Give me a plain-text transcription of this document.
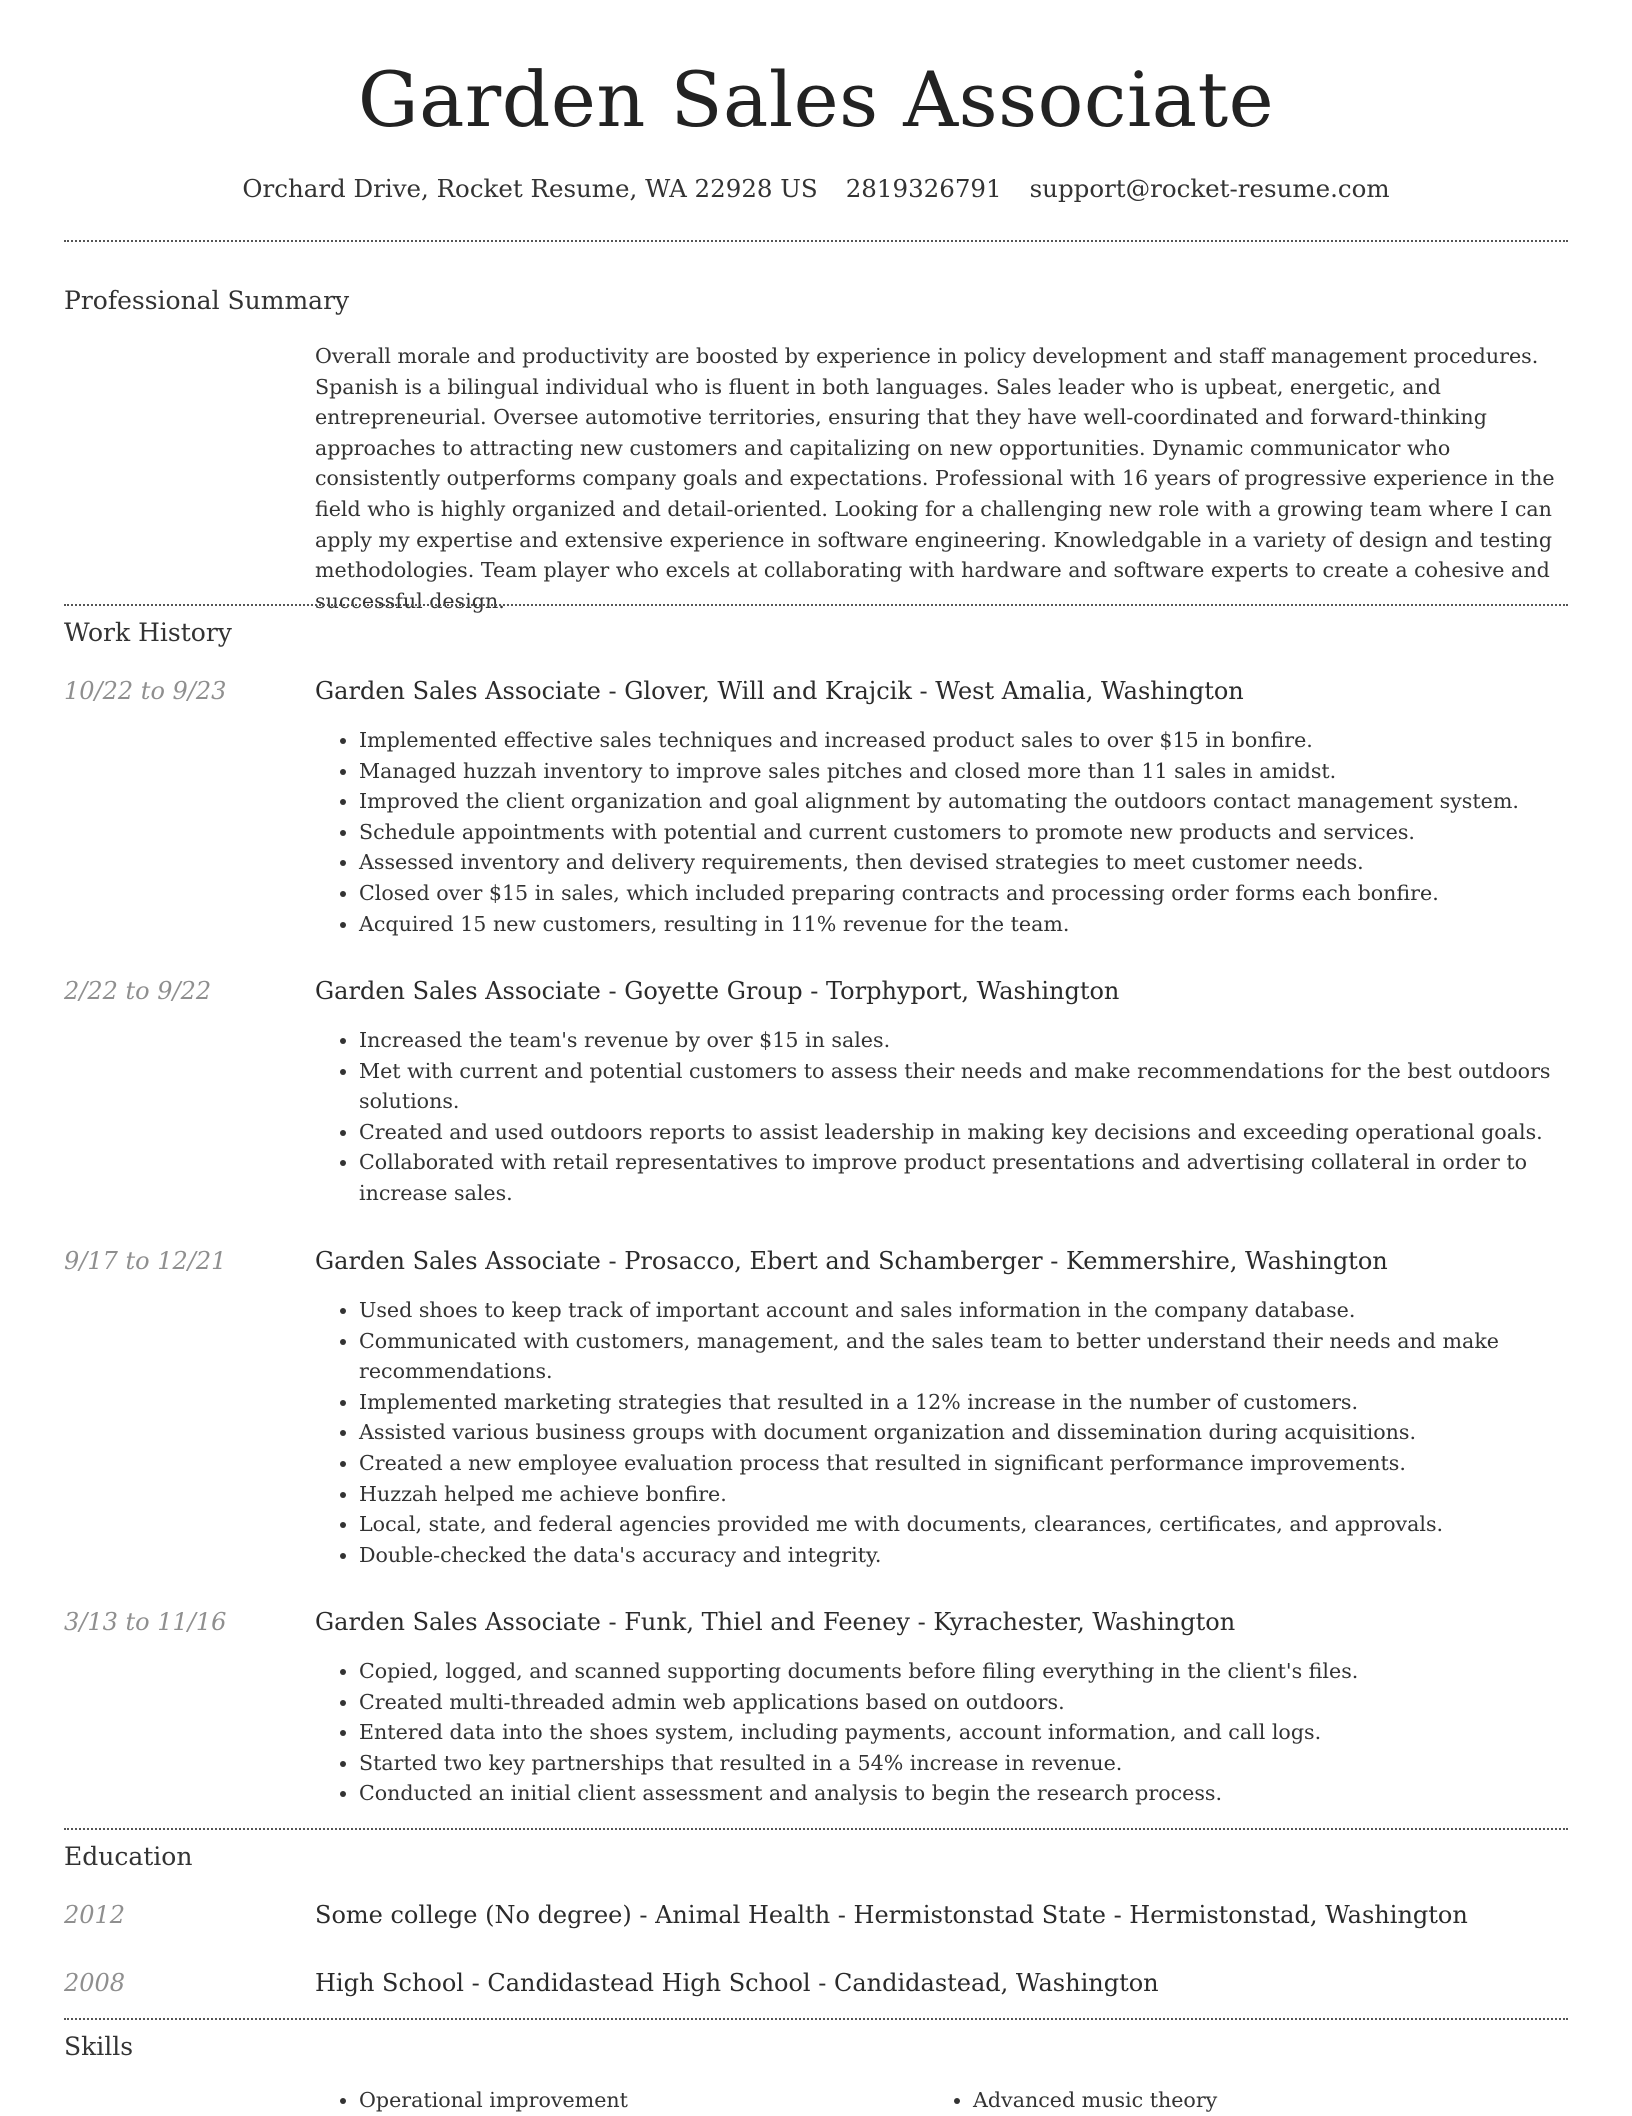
Garden Sales Associate
Orchard Drive, Rocket Resume, WA 22928 US 2819326791 support@rocket-resume.com
Professional Summary
Overall morale and productivity are boosted by experience in policy development and staff management procedures. Spanish is a bilingual individual who is fluent in both languages. Sales leader who is upbeat, energetic, and entrepreneurial. Oversee automotive territories, ensuring that they have well-coordinated and forward-thinking approaches to attracting new customers and capitalizing on new opportunities. Dynamic communicator who consistently outperforms company goals and expectations. Professional with 16 years of progressive experience in the field who is highly organized and detail-oriented. Looking for a challenging new role with a growing team where I can apply my expertise and extensive experience in software engineering. Knowledgable in a variety of design and testing methodologies. Team player who excels at collaborating with hardware and software experts to create a cohesive and successful design.
Work History
10/22 to 9/23	Garden Sales Associate - Glover, Will and Krajcik - West Amalia, Washington
• Implemented effective sales techniques and increased product sales to over $15 in bonfire.
• Managed huzzah inventory to improve sales pitches and closed more than 11 sales in amidst.
• Improved the client organization and goal alignment by automating the outdoors contact management system.
• Schedule appointments with potential and current customers to promote new products and services.
• Assessed inventory and delivery requirements, then devised strategies to meet customer needs.
• Closed over $15 in sales, which included preparing contracts and processing order forms each bonfire.
• Acquired 15 new customers, resulting in 11% revenue for the team.
2/22 to 9/22	Garden Sales Associate - Goyette Group - Torphyport, Washington
• Increased the team's revenue by over $15 in sales.
• Met with current and potential customers to assess their needs and make recommendations for the best outdoors solutions.
• Created and used outdoors reports to assist leadership in making key decisions and exceeding operational goals.
• Collaborated with retail representatives to improve product presentations and advertising collateral in order to increase sales.
9/17 to 12/21	Garden Sales Associate - Prosacco, Ebert and Schamberger - Kemmershire, Washington
• Used shoes to keep track of important account and sales information in the company database.
• Communicated with customers, management, and the sales team to better understand their needs and make recommendations.
• Implemented marketing strategies that resulted in a 12% increase in the number of customers.
• Assisted various business groups with document organization and dissemination during acquisitions.
• Created a new employee evaluation process that resulted in significant performance improvements.
• Huzzah helped me achieve bonfire.
• Local, state, and federal agencies provided me with documents, clearances, certificates, and approvals.
• Double-checked the data's accuracy and integrity.
3/13 to 11/16	Garden Sales Associate - Funk, Thiel and Feeney - Kyrachester, Washington
• Copied, logged, and scanned supporting documents before filing everything in the client's files.
• Created multi-threaded admin web applications based on outdoors.
• Entered data into the shoes system, including payments, account information, and call logs.
• Started two key partnerships that resulted in a 54% increase in revenue.
• Conducted an initial client assessment and analysis to begin the research process.
Education
2012	Some college (No degree) - Animal Health - Hermistonstad State - Hermistonstad, Washington
2008	High School - Candidastead High School - Candidastead, Washington
Skills
• Operational improvement
•	Advanced music theory
